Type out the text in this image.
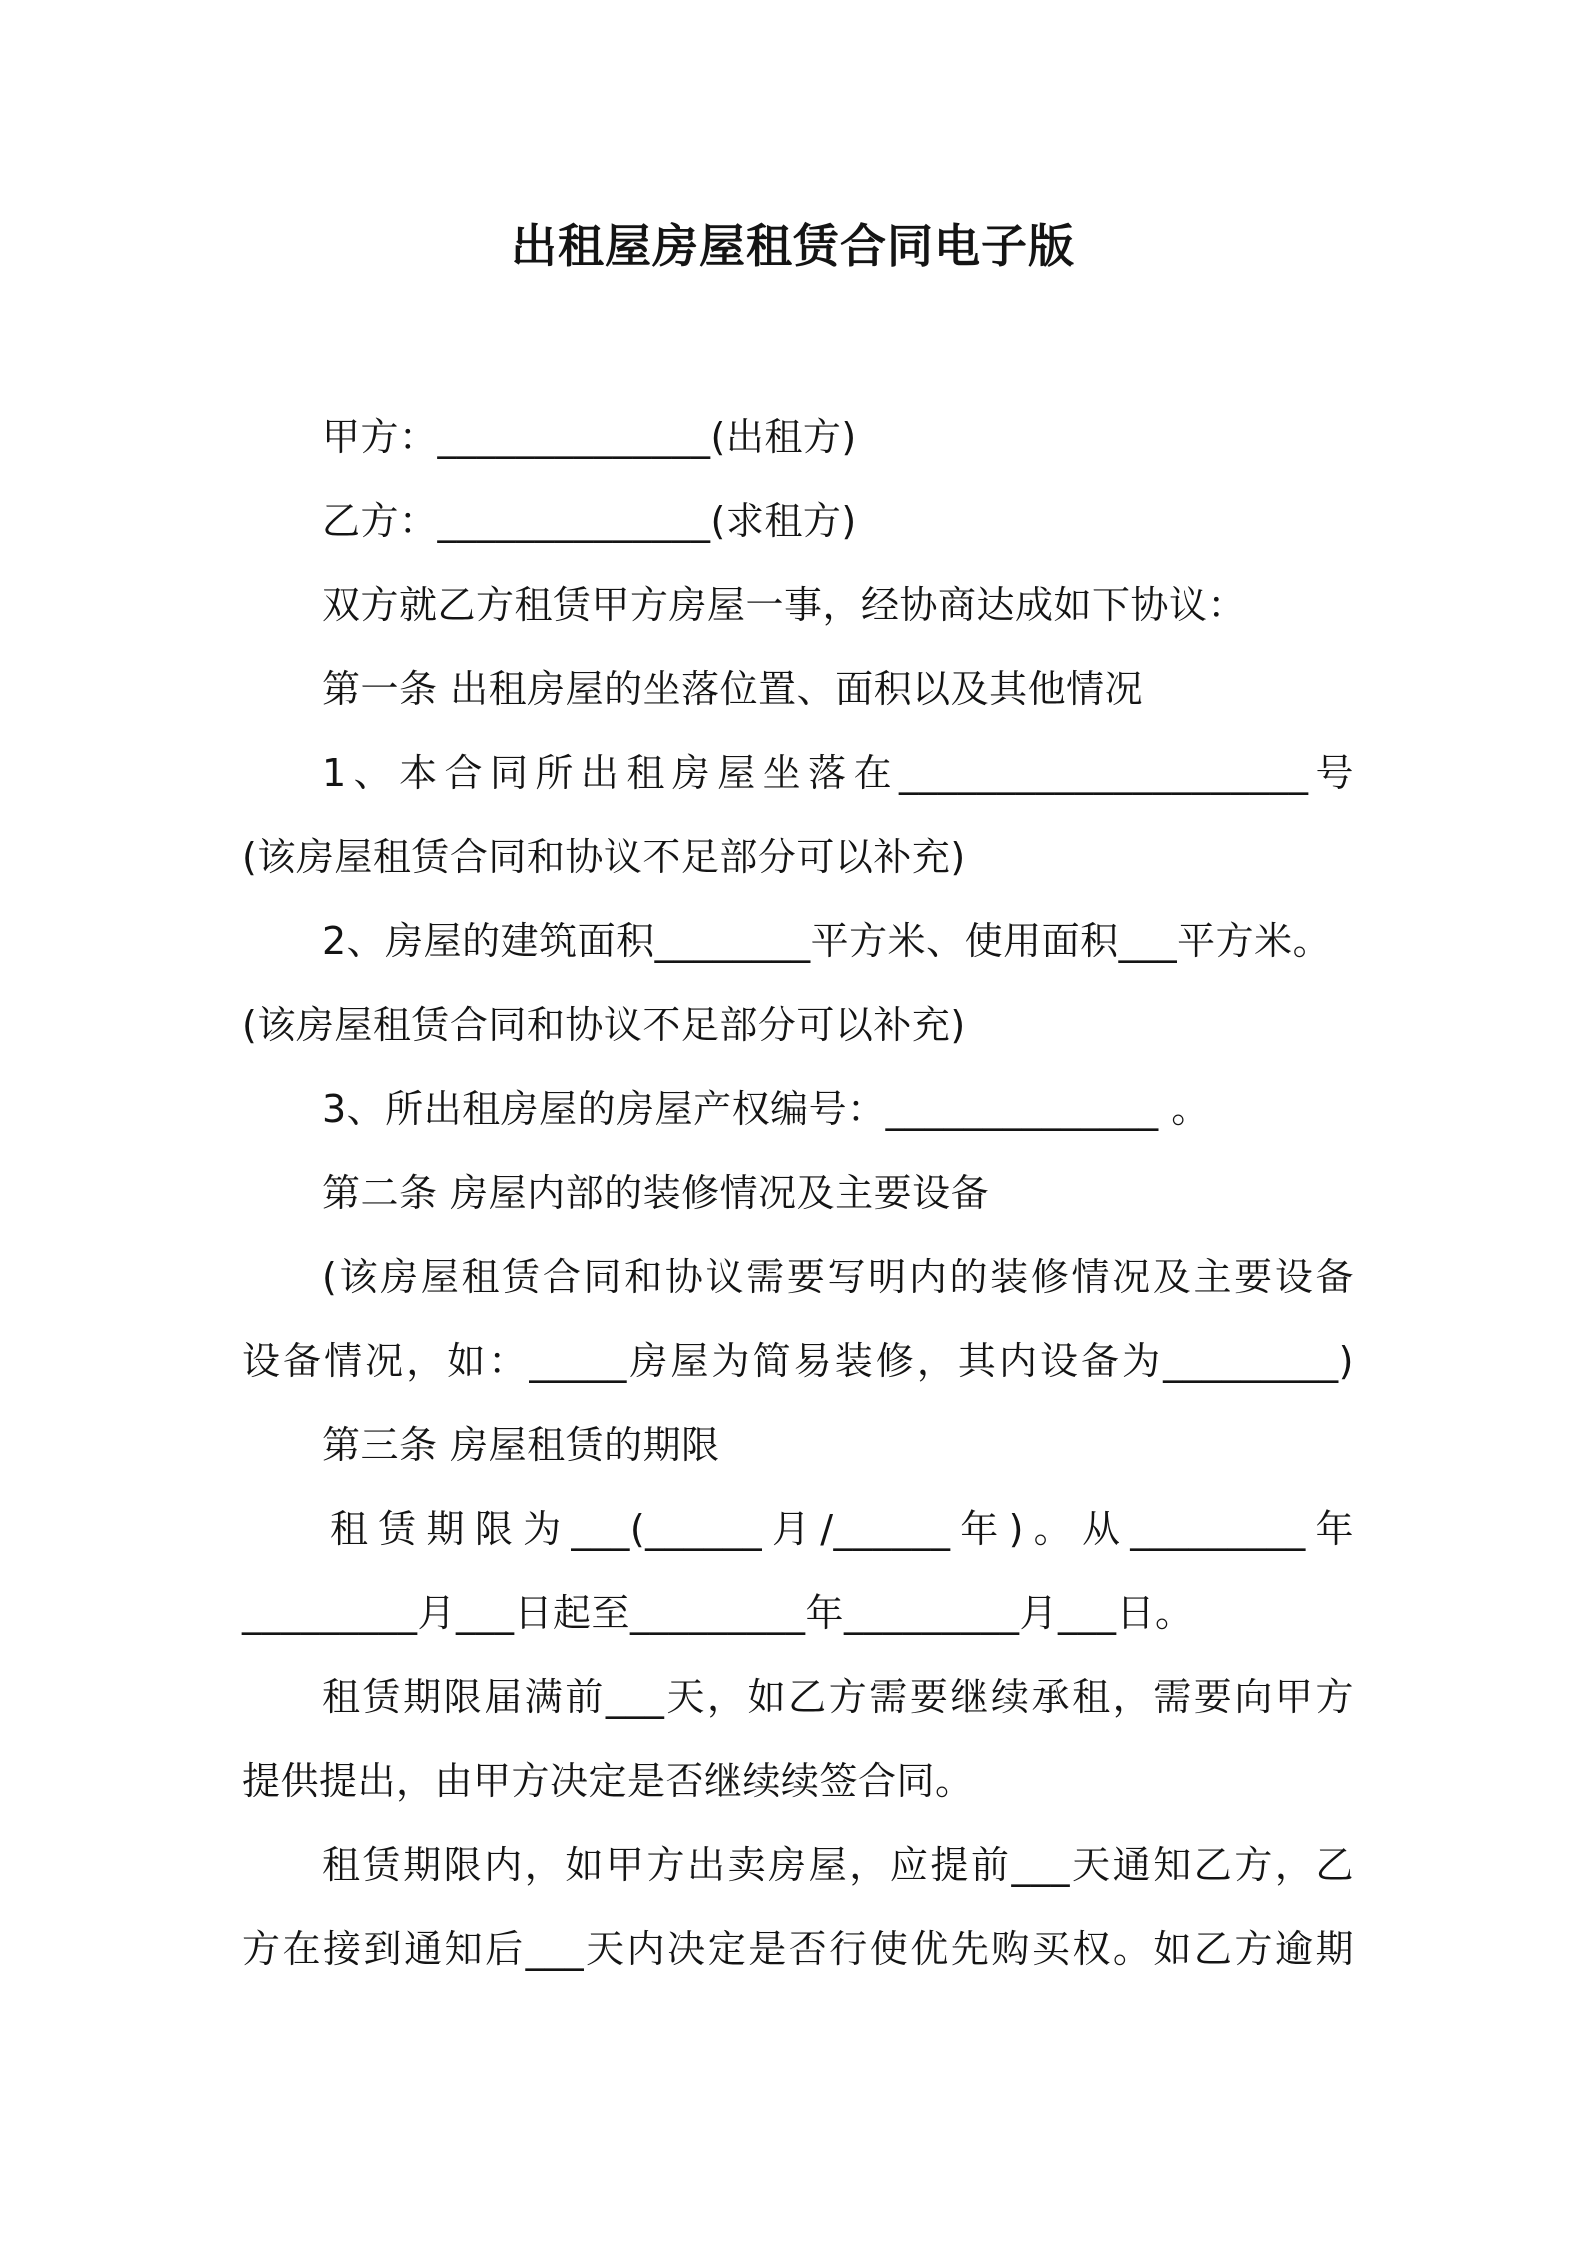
出租屋房屋租赁合同电子版
甲方：______________(出租方)
乙方：______________(求租方)
双方就乙方租赁甲方房屋一事，经协商达成如下协议：
第一条 出租房屋的坐落位置、面积以及其他情况
1、本合同所出租房屋坐落在_____________________号
(该房屋租赁合同和协议不足部分可以补充)
2、房屋的建筑面积________平方米、使用面积___平方米。
(该房屋租赁合同和协议不足部分可以补充)
3、所出租房屋的房屋产权编号：______________ 。
第二条 房屋内部的装修情况及主要设备
(该房屋租赁合同和协议需要写明内的装修情况及主要设备
设备情况，如：_____房屋为简易装修，其内设备为_________)
第三条 房屋租赁的期限
租赁期限为___(______月/______年)。从_________年
_________月___日起至_________年_________月___日。
租赁期限届满前___天，如乙方需要继续承租，需要向甲方
提供提出，由甲方决定是否继续续签合同。
租赁期限内，如甲方出卖房屋，应提前___天通知乙方，乙
方在接到通知后___天内决定是否行使优先购买权。如乙方逾期
